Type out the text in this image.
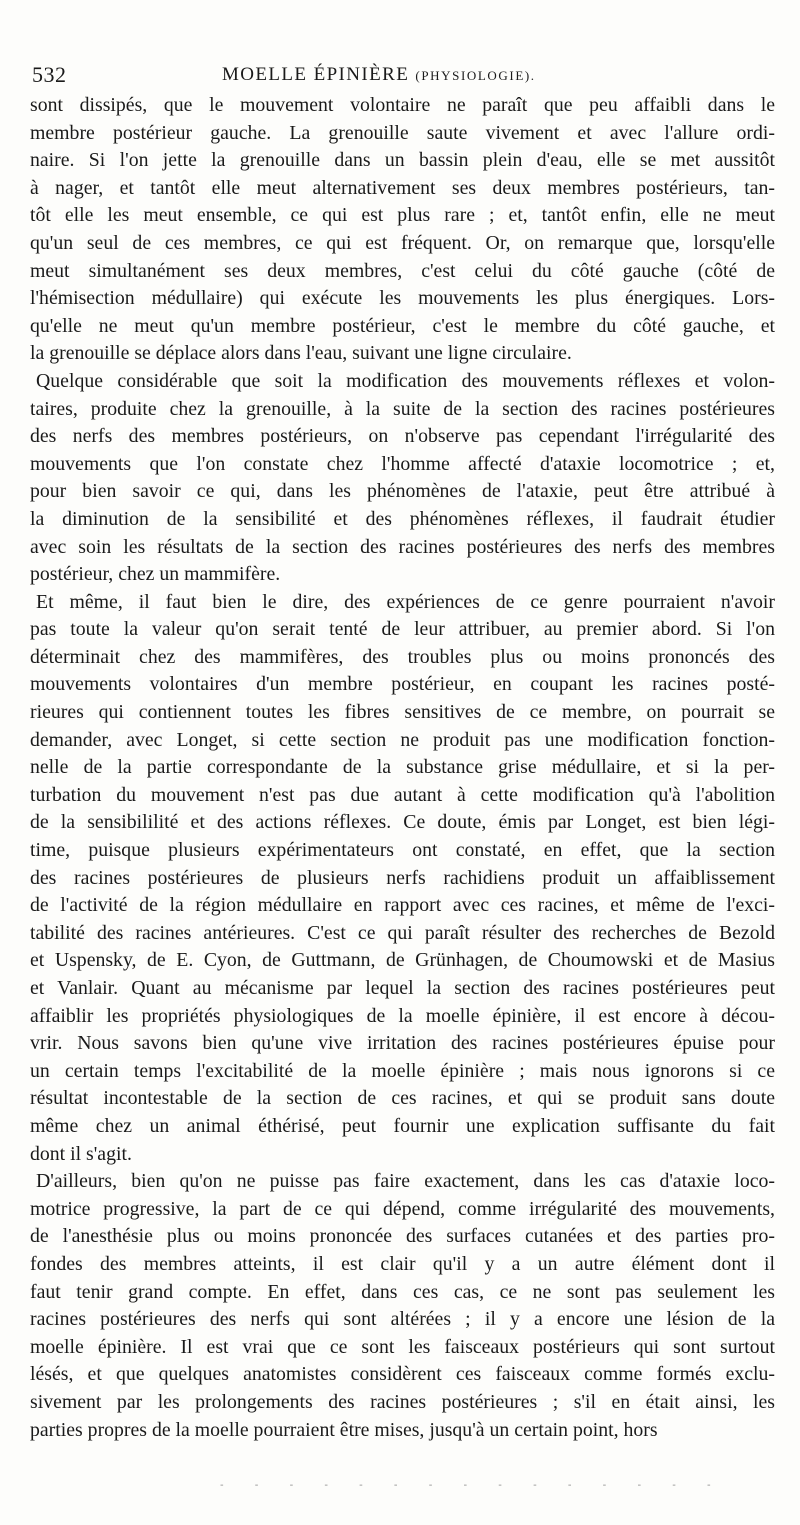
532	MOELLE ÉPINIÈRE (PHYSIOLOGIE).

sont dissipés, que le mouvement volontaire ne paraît que peu affaibli dans le
membre postérieur gauche. La grenouille saute vivement et avec l'allure ordi-
naire. Si l'on jette la grenouille dans un bassin plein d'eau, elle se met aussitôt
à nager, et tantôt elle meut alternativement ses deux membres postérieurs, tan-
tôt elle les meut ensemble, ce qui est plus rare ; et, tantôt enfin, elle ne meut
qu'un seul de ces membres, ce qui est fréquent. Or, on remarque que, lorsqu'elle
meut simultanément ses deux membres, c'est celui du côté gauche (côté de
l'hémisection médullaire) qui exécute les mouvements les plus énergiques. Lors-
qu'elle ne meut qu'un membre postérieur, c'est le membre du côté gauche, et
la grenouille se déplace alors dans l'eau, suivant une ligne circulaire.

Quelque considérable que soit la modification des mouvements réflexes et volon-
taires, produite chez la grenouille, à la suite de la section des racines postérieures
des nerfs des membres postérieurs, on n'observe pas cependant l'irrégularité des
mouvements que l'on constate chez l'homme affecté d'ataxie locomotrice ; et,
pour bien savoir ce qui, dans les phénomènes de l'ataxie, peut être attribué à
la diminution de la sensibilité et des phénomènes réflexes, il faudrait étudier
avec soin les résultats de la section des racines postérieures des nerfs des membres
postérieur, chez un mammifère.

Et même, il faut bien le dire, des expériences de ce genre pourraient n'avoir
pas toute la valeur qu'on serait tenté de leur attribuer, au premier abord. Si l'on
déterminait chez des mammifères, des troubles plus ou moins prononcés des
mouvements volontaires d'un membre postérieur, en coupant les racines posté-
rieures qui contiennent toutes les fibres sensitives de ce membre, on pourrait se
demander, avec Longet, si cette section ne produit pas une modification fonction-
nelle de la partie correspondante de la substance grise médullaire, et si la per-
turbation du mouvement n'est pas due autant à cette modification qu'à l'abolition
de la sensibililité et des actions réflexes. Ce doute, émis par Longet, est bien légi-
time, puisque plusieurs expérimentateurs ont constaté, en effet, que la section
des racines postérieures de plusieurs nerfs rachidiens produit un affaiblissement
de l'activité de la région médullaire en rapport avec ces racines, et même de l'exci-
tabilité des racines antérieures. C'est ce qui paraît résulter des recherches de Bezold
et Uspensky, de E. Cyon, de Guttmann, de Grünhagen, de Choumowski et de Masius
et Vanlair. Quant au mécanisme par lequel la section des racines postérieures peut
affaiblir les propriétés physiologiques de la moelle épinière, il est encore à décou-
vrir. Nous savons bien qu'une vive irritation des racines postérieures épuise pour
un certain temps l'excitabilité de la moelle épinière ; mais nous ignorons si ce
résultat incontestable de la section de ces racines, et qui se produit sans doute
même chez un animal éthérisé, peut fournir une explication suffisante du fait
dont il s'agit.

D'ailleurs, bien qu'on ne puisse pas faire exactement, dans les cas d'ataxie loco-
motrice progressive, la part de ce qui dépend, comme irrégularité des mouvements,
de l'anesthésie plus ou moins prononcée des surfaces cutanées et des parties pro-
fondes des membres atteints, il est clair qu'il y a un autre élément dont il
faut tenir grand compte. En effet, dans ces cas, ce ne sont pas seulement les
racines postérieures des nerfs qui sont altérées ; il y a encore une lésion de la
moelle épinière. Il est vrai que ce sont les faisceaux postérieurs qui sont surtout
lésés, et que quelques anatomistes considèrent ces faisceaux comme formés exclu-
sivement par les prolongements des racines postérieures ; s'il en était ainsi, les
parties propres de la moelle pourraient être mises, jusqu'à un certain point, hors

- - - - - - - - - - - - - - -
